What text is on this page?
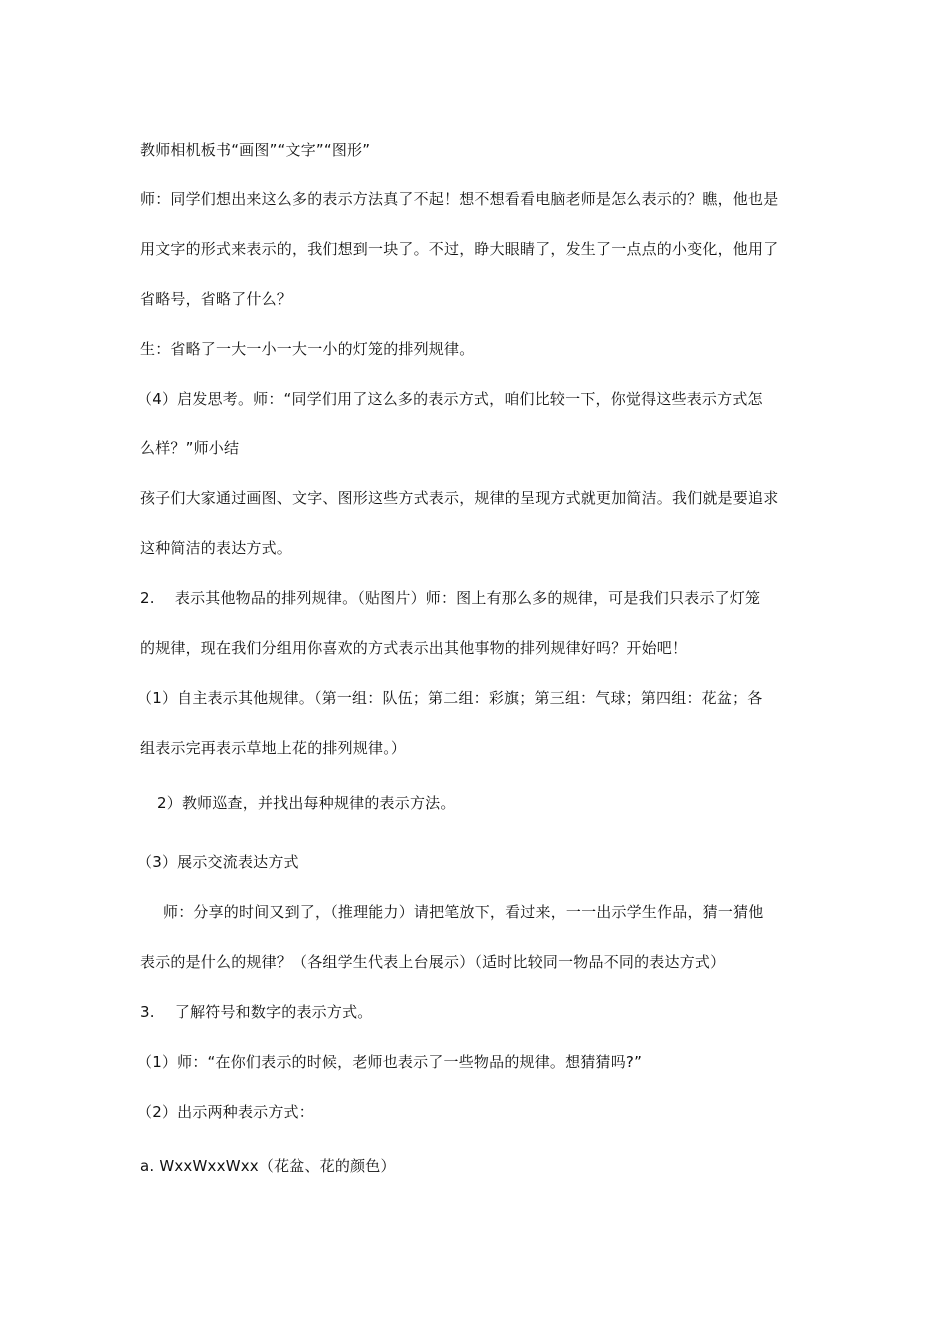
教师相机板书“画图”“文字”“图形”
师：同学们想出来这么多的表示方法真了不起！想不想看看电脑老师是怎么表示的？瞧，他也是
用文字的形式来表示的，我们想到一块了。不过，睁大眼睛了，发生了一点点的小变化，他用了
省略号，省略了什么？
生：省略了一大一小一大一小的灯笼的排列规律。
（4）启发思考。师：“同学们用了这么多的表示方式，咱们比较一下，你觉得这些表示方式怎
么样？”师小结
孩子们大家通过画图、文字、图形这些方式表示，规律的呈现方式就更加简洁。我们就是要追求
这种简洁的表达方式。
2.　 表示其他物品的排列规律。（贴图片）师：图上有那么多的规律，可是我们只表示了灯笼
的规律，现在我们分组用你喜欢的方式表示出其他事物的排列规律好吗？开始吧！
（1）自主表示其他规律。（第一组：队伍；第二组：彩旗；第三组：气球；第四组：花盆；各
组表示完再表示草地上花的排列规律。）
2）教师巡查，并找出每种规律的表示方法。
（3）展示交流表达方式
师：分享的时间又到了，（推理能力）请把笔放下，看过来，一一出示学生作品，猜一猜他
表示的是什么的规律？（各组学生代表上台展示）（适时比较同一物品不同的表达方式）
3.　 了解符号和数字的表示方式。
（1）师：“在你们表示的时候，老师也表示了一些物品的规律。想猜猜吗?”
（2）出示两种表示方式：
a. WxxWxxWxx（花盆、花的颜色）
